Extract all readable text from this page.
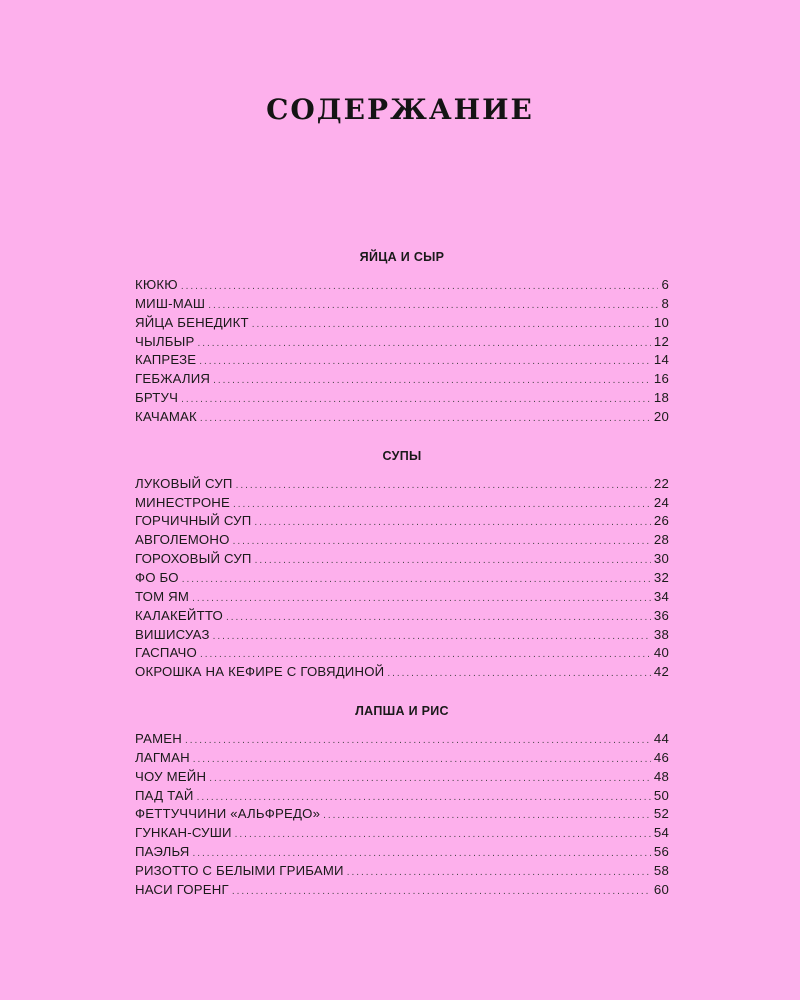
СОДЕРЖАНИЕ
ЯЙЦА И СЫР
КЮКЮ . . .	6
МИШ-МАШ . . .	8
ЯЙЦА БЕНЕДИКТ . . .	10
ЧЫЛБЫР . . .	12
КАПРЕЗЕ . . .	14
ГЕБЖАЛИЯ . . .	16
БРТУЧ . . .	18
КАЧАМАК . . .	20
СУПЫ
ЛУКОВЫЙ СУП . . .	22
МИНЕСТРОНЕ . . .	24
ГОРЧИЧНЫЙ СУП . . .	26
АВГОЛЕМОНО . . .	28
ГОРОХОВЫЙ СУП . . .	30
ФО БО . . .	32
ТОМ ЯМ . . .	34
КАЛАКЕЙТТО . . .	36
ВИШИСУАЗ . . .	38
ГАСПАЧО . . .	40
ОКРОШКА НА КЕФИРЕ С ГОВЯДИНОЙ . . .	42
ЛАПША И РИС
РАМЕН . . .	44
ЛАГМАН . . .	46
ЧОУ МЕЙН . . .	48
ПАД ТАЙ . . .	50
ФЕТТУЧЧИНИ «АЛЬФРЕДО» . . .	52
ГУНКАН-СУШИ . . .	54
ПАЭЛЬЯ . . .	56
РИЗОТТО С БЕЛЫМИ ГРИБАМИ . . .	58
НАСИ ГОРЕНГ . . .	60
